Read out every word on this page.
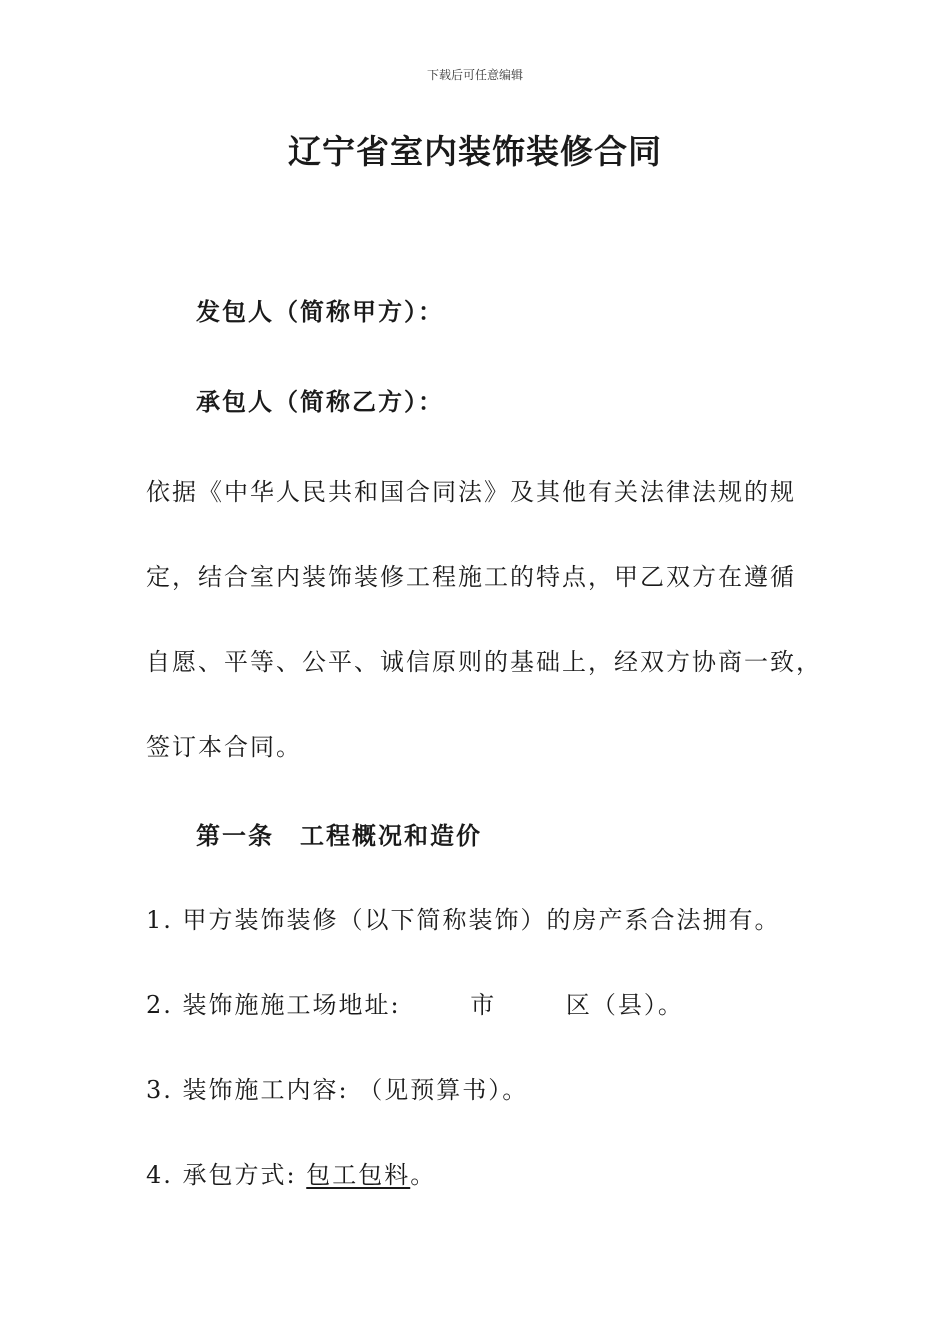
下载后可任意编辑
辽宁省室内装饰装修合同
发包人（简称甲方）：
承包人（简称乙方）：
依据《中华人民共和国合同法》及其他有关法律法规的规
定，结合室内装饰装修工程施工的特点，甲乙双方在遵循
自愿、平等、公平、诚信原则的基础上，经双方协商一致，
签订本合同。
第一条　工程概况和造价
1. 甲方装饰装修（以下简称装饰）的房产系合法拥有。
2. 装饰施施工场地址:	市	区（县）。
3. 装饰施工内容: （见预算书）。
4. 承包方式: 包工包料。
